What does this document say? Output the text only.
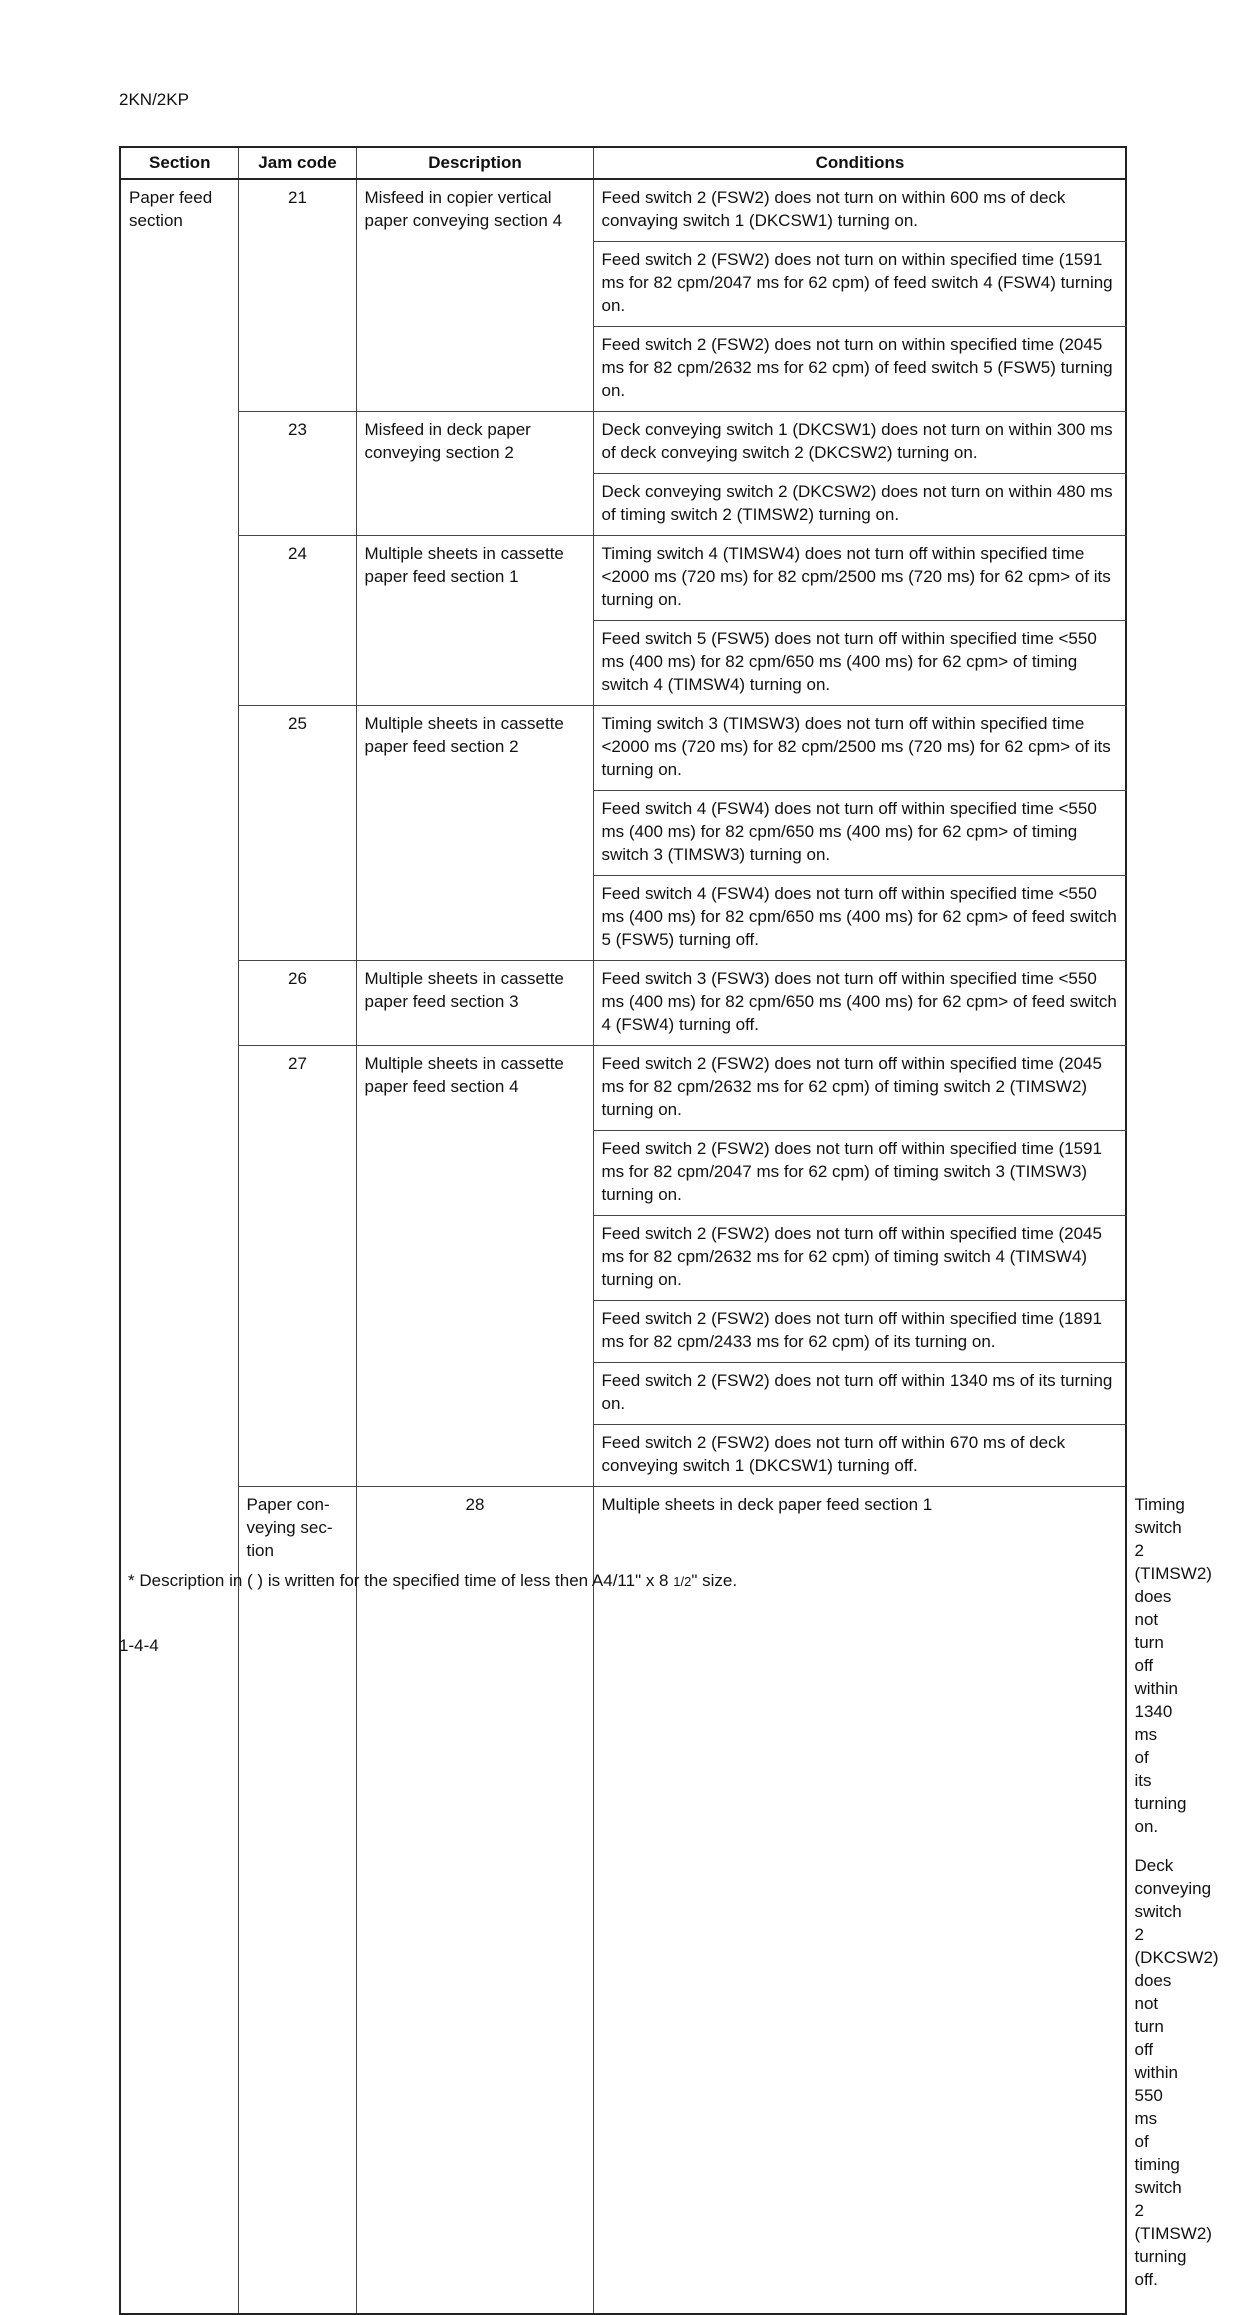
2KN/2KP
Section	Jam code	Description	Conditions	
Paper feed section	21	Misfeed in copier vertical paper conveying section 4	Feed switch 2 (FSW2) does not turn on within 600 ms of deck convaying switch 1 (DKCSW1) turning on.	
			Feed switch 2 (FSW2) does not turn on within specified time (1591 ms for 82 cpm/2047 ms for 62 cpm) of feed switch 4 (FSW4) turning on.	
			Feed switch 2 (FSW2) does not turn on within specified time (2045 ms for 82 cpm/2632 ms for 62 cpm) of feed switch 5 (FSW5) turning on.	
	23	Misfeed in deck paper conveying section 2	Deck conveying switch 1 (DKCSW1) does not turn on within 300 ms of deck conveying switch 2 (DKCSW2) turning on.	
			Deck conveying switch 2 (DKCSW2) does not turn on within 480 ms of timing switch 2 (TIMSW2) turning on.	
	24	Multiple sheets in cassette paper feed section 1	Timing switch 4 (TIMSW4) does not turn off within specified time <2000 ms (720 ms) for 82 cpm/2500 ms (720 ms) for 62 cpm> of its turning on.	
			Feed switch 5 (FSW5) does not turn off within specified time <550 ms (400 ms) for 82 cpm/650 ms (400 ms) for 62 cpm> of timing switch 4 (TIMSW4) turning on.	
	25	Multiple sheets in cassette paper feed section 2	Timing switch 3 (TIMSW3) does not turn off within specified time <2000 ms (720 ms) for 82 cpm/2500 ms (720 ms) for 62 cpm> of its turning on.	
			Feed switch 4 (FSW4) does not turn off within specified time <550 ms (400 ms) for 82 cpm/650 ms (400 ms) for 62 cpm> of timing switch 3 (TIMSW3) turning on.	
			Feed switch 4 (FSW4) does not turn off within specified time <550 ms (400 ms) for 82 cpm/650 ms (400 ms) for 62 cpm> of feed switch 5 (FSW5) turning off.	
	26	Multiple sheets in cassette paper feed section 3	Feed switch 3 (FSW3) does not turn off within specified time <550 ms (400 ms) for 82 cpm/650 ms (400 ms) for 62 cpm> of feed switch 4 (FSW4) turning off.	
	27	Multiple sheets in cassette paper feed section 4	Feed switch 2 (FSW2) does not turn off within specified time (2045 ms for 82 cpm/2632 ms for 62 cpm) of timing switch 2 (TIMSW2) turning on.	
			Feed switch 2 (FSW2) does not turn off within specified time (1591 ms for 82 cpm/2047 ms for 62 cpm) of timing switch 3 (TIMSW3) turning on.	
			Feed switch 2 (FSW2) does not turn off within specified time (2045 ms for 82 cpm/2632 ms for 62 cpm) of timing switch 4 (TIMSW4) turning on.	
			Feed switch 2 (FSW2) does not turn off within specified time (1891 ms for 82 cpm/2433 ms for 62 cpm) of its turning on.	
			Feed switch 2 (FSW2) does not turn off within 1340 ms of its turning on.	
			Feed switch 2 (FSW2) does not turn off within 670 ms of deck conveying switch 1 (DKCSW1) turning off.	
	Paper con-veying sec-tion	28	Multiple sheets in deck paper feed section 1	Timing switch 2 (TIMSW2) does not turn off within 1340 ms of its turning on.
				Deck conveying switch 2 (DKCSW2) does not turn off within 550 ms of timing switch 2 (TIMSW2) turning off.
* Description in ( ) is written for the specified time of less then A4/11" x 8 1/2" size.
1-4-4
